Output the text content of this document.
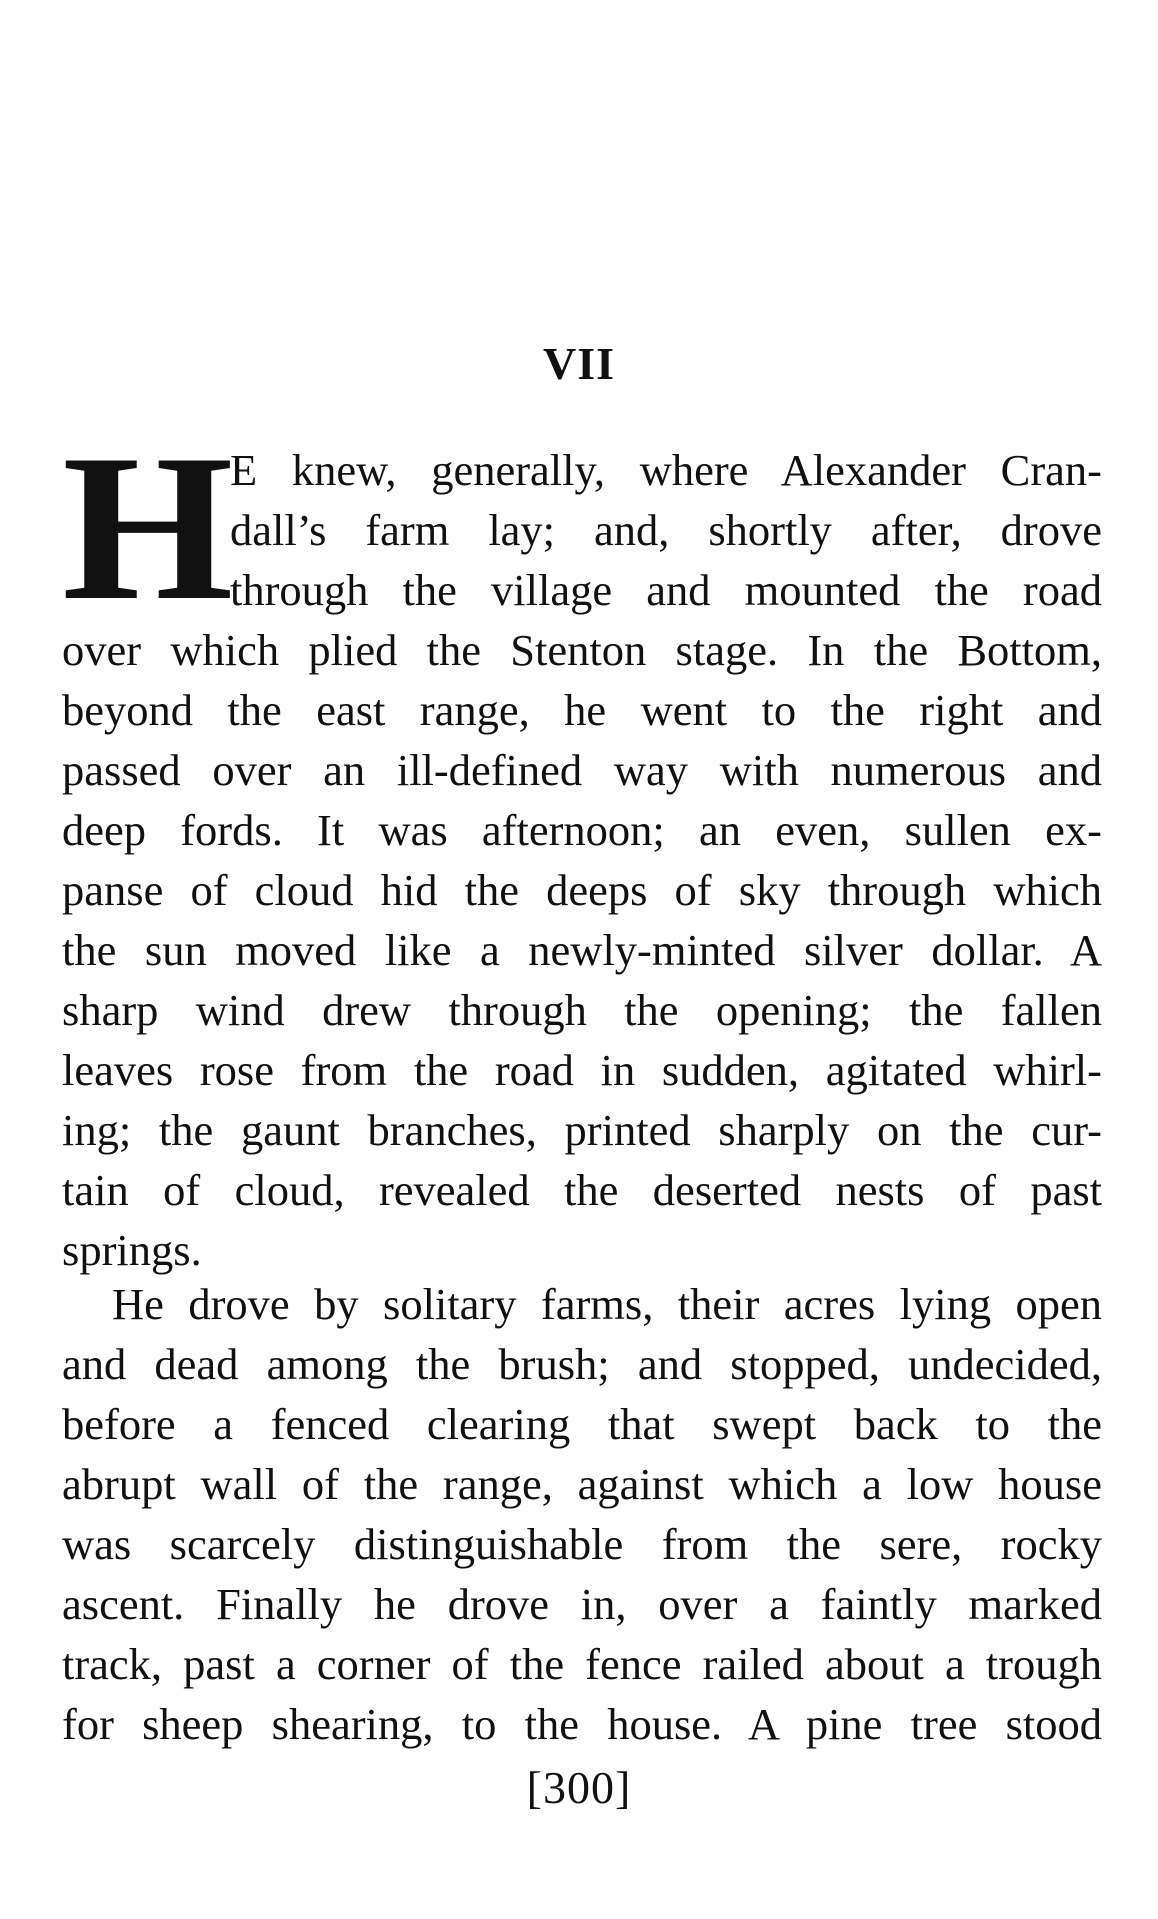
VII
H
E knew, generally, where Alexander Cran-
dall’s farm lay; and, shortly after, drove
through the village and mounted the road
over which plied the Stenton stage. In the Bottom,
beyond the east range, he went to the right and
passed over an ill-defined way with numerous and
deep fords. It was afternoon; an even, sullen ex-
panse of cloud hid the deeps of sky through which
the sun moved like a newly-minted silver dollar. A
sharp wind drew through the opening; the fallen
leaves rose from the road in sudden, agitated whirl-
ing; the gaunt branches, printed sharply on the cur-
tain of cloud, revealed the deserted nests of past
springs.
He drove by solitary farms, their acres lying open
and dead among the brush; and stopped, undecided,
before a fenced clearing that swept back to the
abrupt wall of the range, against which a low house
was scarcely distinguishable from the sere, rocky
ascent. Finally he drove in, over a faintly marked
track, past a corner of the fence railed about a trough
for sheep shearing, to the house. A pine tree stood
[300]
